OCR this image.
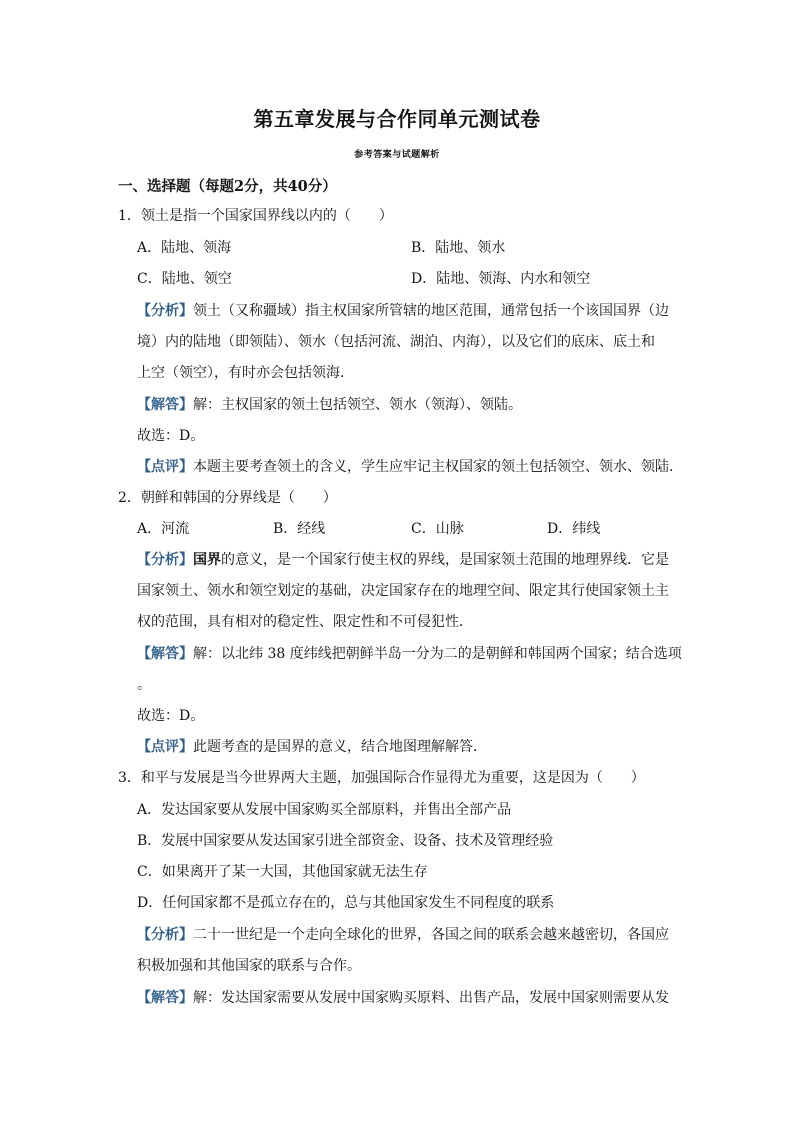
第五章发展与合作同单元测试卷
参考答案与试题解析
一、选择题（每题2分，共40分）
1．领土是指一个国家国界线以内的（　　）
A．陆地、领海	B．陆地、领水
C．陆地、领空	D．陆地、领海、内水和领空
【分析】领土（又称疆域）指主权国家所管辖的地区范围，通常包括一个该国国界（边
境）内的陆地（即领陆）、领水（包括河流、湖泊、内海），以及它们的底床、底土和
上空（领空），有时亦会包括领海．
【解答】解：主权国家的领土包括领空、领水（领海）、领陆。
故选：D。
【点评】本题主要考查领土的含义，学生应牢记主权国家的领土包括领空、领水、领陆．
2．朝鲜和韩国的分界线是（　　）
A．河流	B．经线	C．山脉	D．纬线
【分析】国界的意义，是一个国家行使主权的界线，是国家领土范围的地理界线．它是
国家领土、领水和领空划定的基础，决定国家存在的地理空间、限定其行使国家领土主
权的范围，具有相对的稳定性、限定性和不可侵犯性．
【解答】解：以北纬 38 度纬线把朝鲜半岛一分为二的是朝鲜和韩国两个国家；结合选项
。
故选：D。
【点评】此题考查的是国界的意义，结合地图理解解答．
3．和平与发展是当今世界两大主题，加强国际合作显得尤为重要，这是因为（　　）
A．发达国家要从发展中国家购买全部原料，并售出全部产品
B．发展中国家要从发达国家引进全部资金、设备、技术及管理经验
C．如果离开了某一大国，其他国家就无法生存
D．任何国家都不是孤立存在的，总与其他国家发生不同程度的联系
【分析】二十一世纪是一个走向全球化的世界，各国之间的联系会越来越密切，各国应
积极加强和其他国家的联系与合作。
【解答】解：发达国家需要从发展中国家购买原料、出售产品，发展中国家则需要从发
